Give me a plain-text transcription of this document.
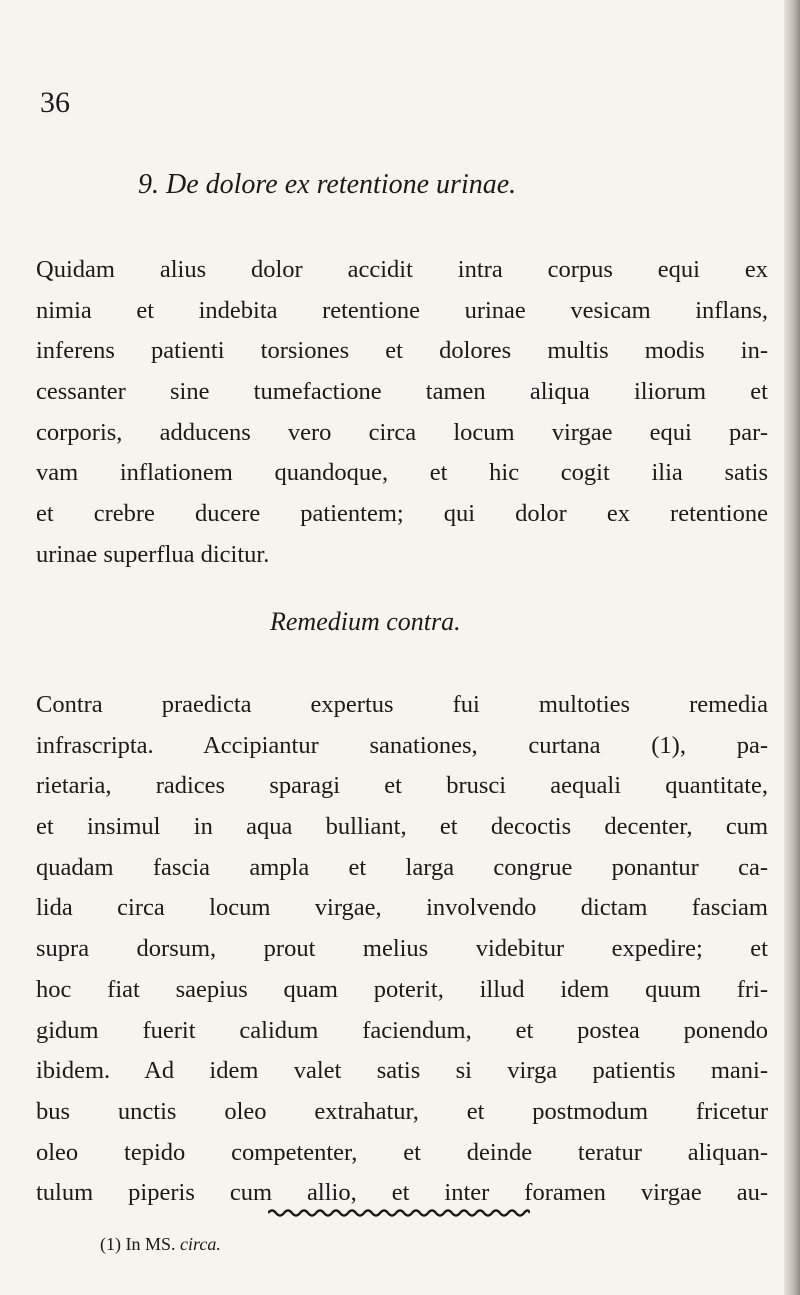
36
9. De dolore ex retentione urinae.
Quidam alius dolor accidit intra corpus equi ex
nimia et indebita retentione urinae vesicam inflans,
inferens patienti torsiones et dolores multis modis in-
cessanter sine tumefactione tamen aliqua iliorum et
corporis, adducens vero circa locum virgae equi par-
vam inflationem quandoque, et hic cogit ilia satis
et crebre ducere patientem; qui dolor ex retentione
urinae superflua dicitur.
Remedium contra.
Contra praedicta expertus fui multoties remedia
infrascripta. Accipiantur sanationes, curtana (1), pa-
rietaria, radices sparagi et brusci aequali quantitate,
et insimul in aqua bulliant, et decoctis decenter, cum
quadam fascia ampla et larga congrue ponantur ca-
lida circa locum virgae, involvendo dictam fasciam
supra dorsum, prout melius videbitur expedire; et
hoc fiat saepius quam poterit, illud idem quum fri-
gidum fuerit calidum faciendum, et postea ponendo
ibidem. Ad idem valet satis si virga patientis mani-
bus unctis oleo extrahatur, et postmodum fricetur
oleo tepido competenter, et deinde teratur aliquan-
tulum piperis cum allio, et inter foramen virgae au-
(1) In MS. circa.
